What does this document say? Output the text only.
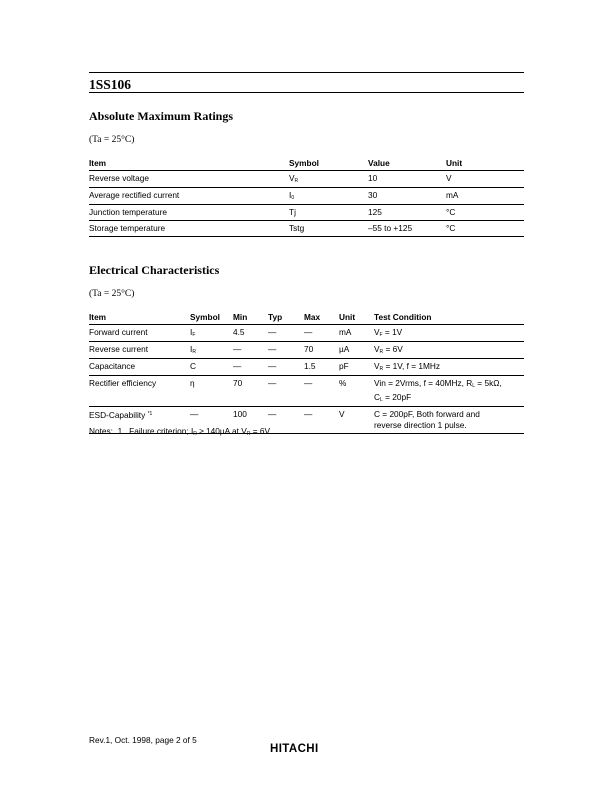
1SS106
Absolute Maximum Ratings
(Ta = 25°C)
Item	Symbol	Value	Unit
Reverse voltage	$V_R$	10	V
Average rectified current	$I_0$	30	mA
Junction temperature	Tj	125	°C
Storage temperature	Tstg	–55 to +125	°C
Electrical Characteristics
(Ta = 25°C)
Item	Symbol	Min	Typ	Max	Unit	Test Condition
Forward current	$I_F$	4.5	—	—	mA	$V_F = 1V$
Reverse current	$I_R$	—	—	70	µA	$V_R = 6V$
Capacitance	C	—	—	1.5	pF	$V_R = 1V$, f = 1MHz
Rectifier efficiency	η	70	—	—	%	Vin = 2Vrms, f = 40MHz, $R_L = 5k\Omega$,
$C_L = 20pF$

ESD-Capability $^{*1}$	—	100	—	—	V	C = 200pF, Both forward and
reverse direction 1 pulse.
Notes: 1. Failure criterion; $I_R \ge 140\mu A$ at $V_R = 6V$
Rev.1, Oct. 1998, page 2 of 5
HITACHI
